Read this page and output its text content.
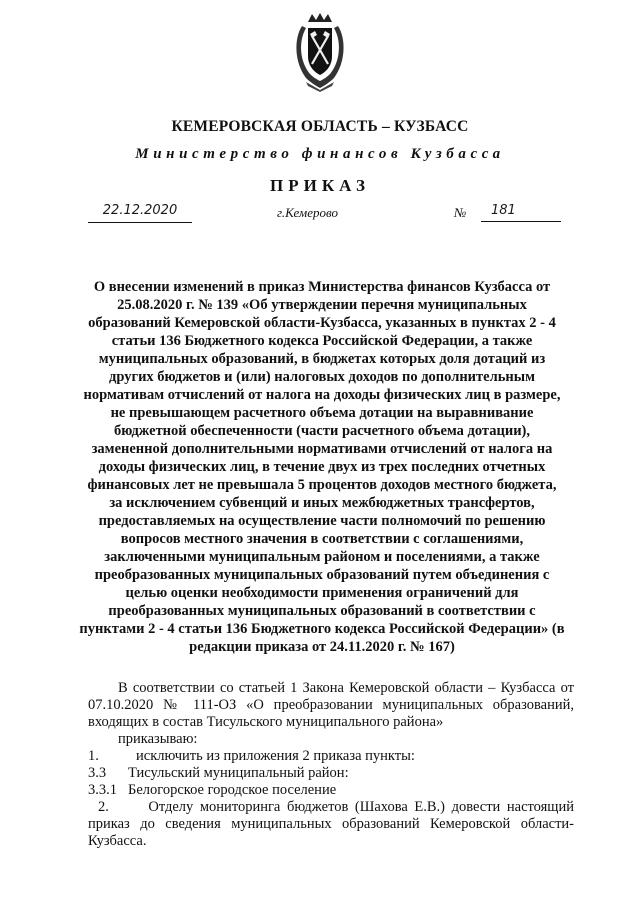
КЕМЕРОВСКАЯ ОБЛАСТЬ – КУЗБАСС
Министерство финансов Кузбасса
ПРИКАЗ
22.12.2020	г.Кемерово	№	181
О внесении изменений в приказ Министерства финансов Кузбасса от
25.08.2020 г. № 139 «Об утверждении перечня муниципальных
образований Кемеровской области-Кузбасса, указанных в пунктах 2 - 4
статьи 136 Бюджетного кодекса Российской Федерации, а также
муниципальных образований, в бюджетах которых доля дотаций из
других бюджетов и (или) налоговых доходов по дополнительным
нормативам отчислений от налога на доходы физических лиц в размере,
не превышающем расчетного объема дотации на выравнивание
бюджетной обеспеченности (части расчетного объема дотации),
замененной дополнительными нормативами отчислений от налога на
доходы физических лиц, в течение двух из трех последних отчетных
финансовых лет не превышала 5 процентов доходов местного бюджета,
за исключением субвенций и иных межбюджетных трансфертов,
предоставляемых на осуществление части полномочий по решению
вопросов местного значения в соответствии с соглашениями,
заключенными муниципальным районом и поселениями, а также
преобразованных муниципальных образований путем объединения с
целью оценки необходимости применения ограничений для
преобразованных муниципальных образований в соответствии с
пунктами 2 - 4 статьи 136 Бюджетного кодекса Российской Федерации» (в
редакции приказа от 24.11.2020 г. № 167)

В соответствии со статьей 1 Закона Кемеровской области – Кузбасса от 07.10.2020 № 111-ОЗ «О преобразовании муниципальных образований, входящих в состав Тисульского муниципального района»

приказываю:

1.	исключить из приложения 2 приказа пункты:
3.3	Тисульский муниципальный район:
3.3.1 Белогорское городское поселение

2.	Отделу мониторинга бюджетов (Шахова Е.В.) довести настоящий приказ до сведения муниципальных образований Кемеровской области-Кузбасса.
